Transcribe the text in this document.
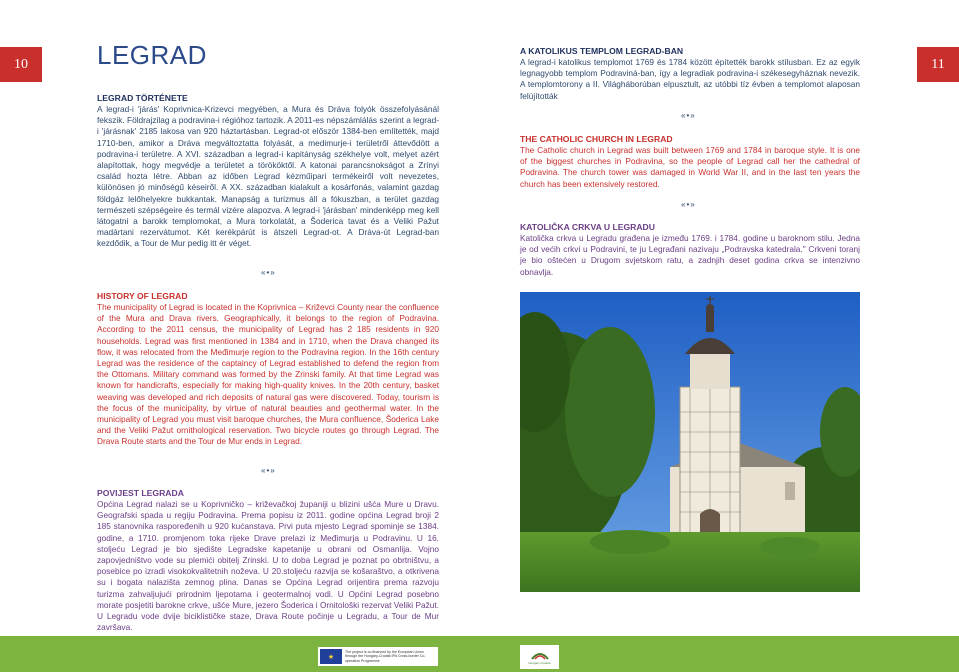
10	11
LEGRAD
LEGRAD TÖRTÉNETE

A legrad-i 'járás' Koprivnica-Krizevci megyében, a Mura és Dráva folyók összefolyásánál fekszik. Földrajzilag a podravina-i régióhoz tartozik. A 2011-es népszámlálás szerint a legrad-i 'járásnak' 2185 lakosa van 920 háztartásban. Legrad-ot először 1384-ben említették, majd 1710-ben, amikor a Dráva megváltoztatta folyását, a medimurje-i területről áttevődött a podravina-i területre. A XVI. században a legrad-i kapitányság székhelye volt, melyet azért alapítottak, hogy megvédje a területet a törököktől. A katonai parancsnokságot a Zrínyi család hozta létre. Abban az időben Legrad kézműipari termékeiről volt nevezetes, különösen jó minőségű késeiről. A XX. században kialakult a kosárfonás, valamint gazdag földgáz lelőhelyekre bukkantak. Manapság a turizmus áll a fókuszban, a terület gazdag természeti szépségeire és termál vizére alapozva. A legrad-i 'járásban' mindenképp meg kell látogatni a barokk templomokat, a Mura torkolatát, a Šoderica tavat és a Veliki Pažut madártani rezervátumot. Két kerékpárút is átszeli Legrad-ot. A Dráva-út Legrad-ban kezdődik, a Tour de Mur pedig itt ér véget.

«•»
HISTORY OF LEGRAD

The municipality of Legrad is located in the Koprivnica – Križevci County near the confluence of the Mura and Drava rivers. Geographically, it belongs to the region of Podravina. According to the 2011 census, the municipality of Legrad has 2 185 residents in 920 households. Legrad was first mentioned in 1384 and in 1710, when the Drava changed its flow, it was relocated from the Međimurje region to the Podravina region. In the 16th century Legrad was the residence of the captaincy of Legrad established to defend the region from the Ottomans. Military command was formed by the Zrinski family. At that time Legrad was known for handicrafts, especially for making high-quality knives. In the 20th century, basket weaving was developed and rich deposits of natural gas were discovered. Today, tourism is the focus of the municipality, by virtue of natural beauties and geothermal water. In the municipality of Legrad you must visit baroque churches, the Mura confluence, Šoderica Lake and the Veliki Pažut ornithological reservation. Two bicycle routes go through Legrad. The Drava Route starts and the Tour de Mur ends in Legrad.

«•»
POVIJEST LEGRADA

Općina Legrad nalazi se u Koprivničko – križevačkoj županiji u blizini ušća Mure u Dravu. Geografski spada u regiju Podravina. Prema popisu iz 2011. godine općina Legrad broji 2 185 stanovnika raspoređenih u 920 kućanstava. Prvi puta mjesto Legrad spominje se 1384. godine, a 1710. promjenom toka rijeke Drave prelazi iz Međimurja u Podravinu. U 16. stoljeću Legrad je bio sjedište Legradske kapetanije u obrani od Osmanlija. Vojno zapovjedništvo vode su plemići obitelj Zrinski. U to doba Legrad je poznat po obrtništvu, a posebice po izradi visokokvalitetnih noževa. U 20.stoljeću razvija se košaraštvo, a otkrivena su i bogata nalazišta zemnog plina. Danas se Općina Legrad orijentira prema razvoju turizma zahvaljujući prirodnim ljepotama i geotermalnoj vodi. U Općini Legrad posebno morate posjetiti barokne crkve, ušće Mure, jezero Šoderica i Ornitološki rezervat Veliki Pažut. U Legradu vode dvije biciklističke staze, Drava Route počinje u Legradu, a Tour de Mur završava.

A KATOLIKUS TEMPLOM LEGRAD-BAN

A legrad-i katolikus templomot 1769 és 1784 között építették barokk stílusban. Ez az egyik legnagyobb templom Podraviná-ban, így a legradiak podravina-i székesegyháznak nevezik. A templomtorony a II. Világháborúban elpusztult, az utóbbi tíz évben a templomot alaposan felújították

«•»
THE CATHOLIC CHURCH IN LEGRAD

The Catholic church in Legrad was built between 1769 and 1784 in baroque style. It is one of the biggest churches in Podravina, so the people of Legrad call her the cathedral of Podravina. The church tower was damaged in World War II, and in the last ten years the church has been extensively restored.

«•»
KATOLIČKA CRKVA U LEGRADU

Katolička crkva u Legradu građena je između 1769. i 1784. godine u baroknom stilu. Jedna je od većih crkvi u Podravini, te ju Legrađani nazivaju „Podravska katedrala." Crkveni toranj je bio oštećen u Drugom svjetskom ratu, a zadnjih deset godina crkva se intenzivno obnavlja.

★
The project is co-financed by the European Union through the Hungary-Croatia IPA Cross-border Co-operation Programme
Hungary-Croatia
